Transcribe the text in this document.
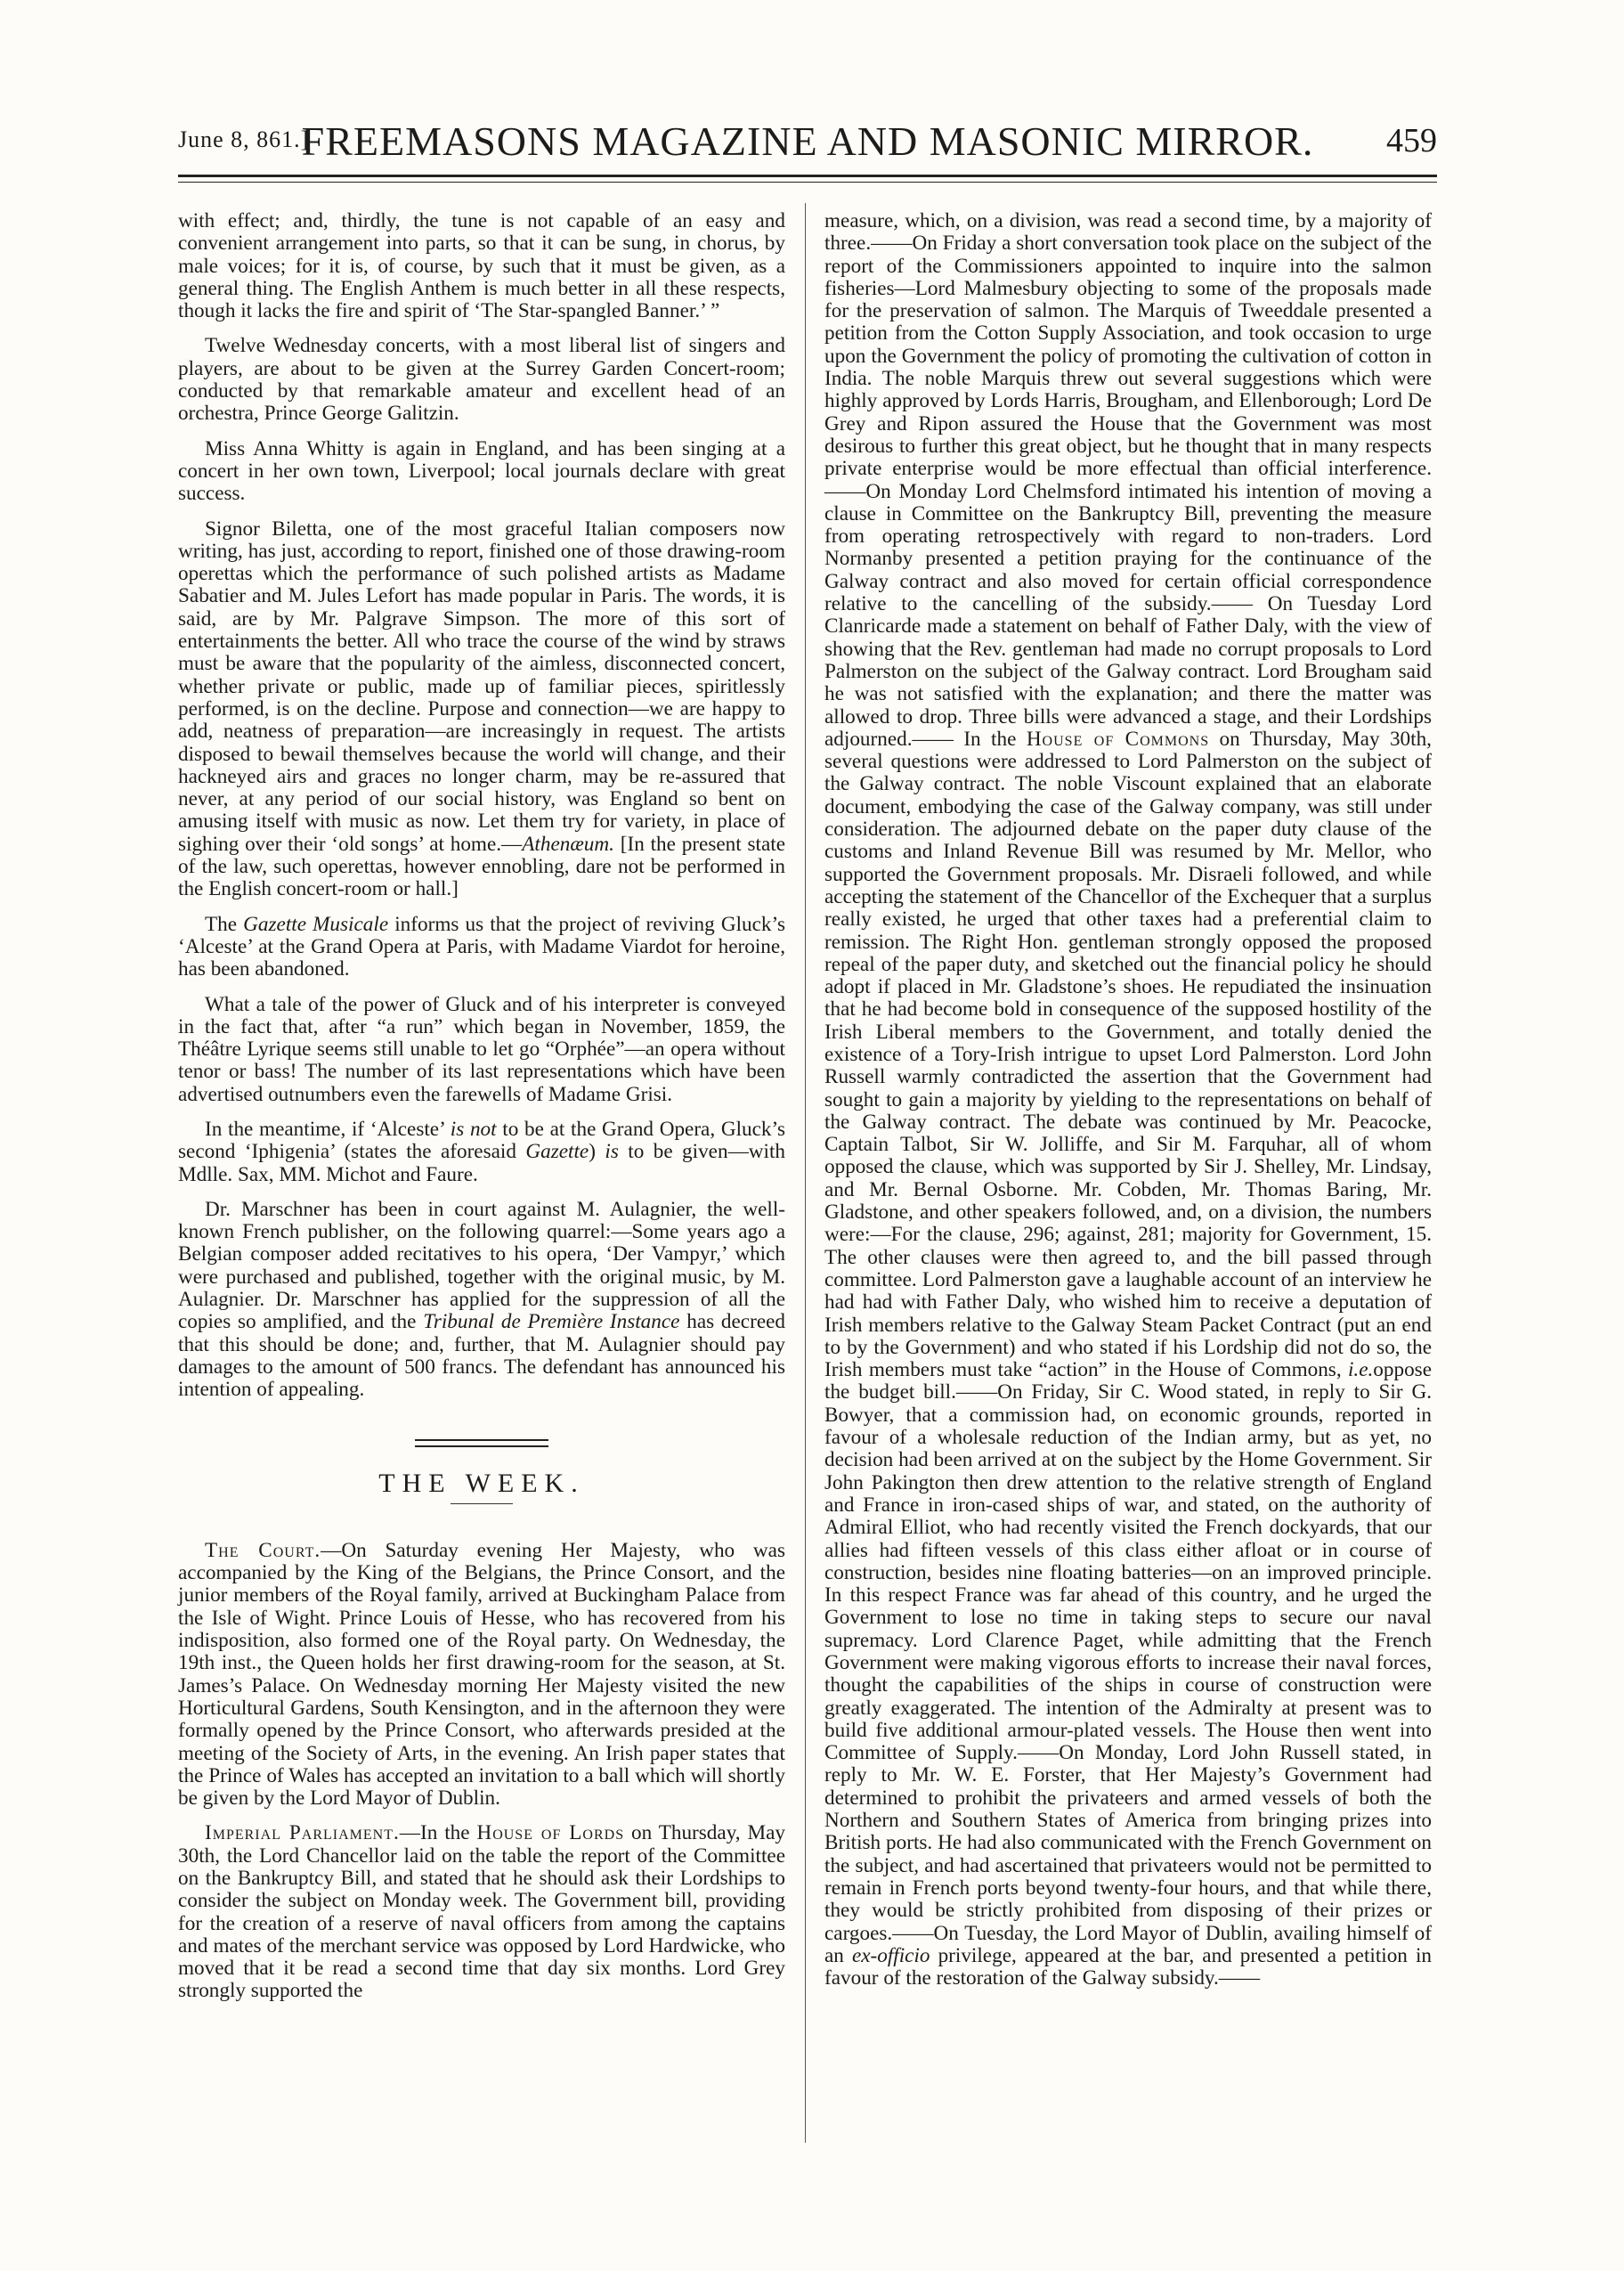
June 8, 861.]
FREEMASONS MAGAZINE AND MASONIC MIRROR.	459

with effect; and, thirdly, the tune is not capable of an easy and convenient arrangement into parts, so that it can be sung, in chorus, by male voices; for it is, of course, by such that it must be given, as a general thing. The English Anthem is much better in all these respects, though it lacks the fire and spirit of ‘The Star-spangled Banner.’ ”

Twelve Wednesday concerts, with a most liberal list of singers and players, are about to be given at the Surrey Garden Concert-room; conducted by that remarkable amateur and excellent head of an orchestra, Prince George Galitzin.

Miss Anna Whitty is again in England, and has been singing at a concert in her own town, Liverpool; local journals declare with great success.

Signor Biletta, one of the most graceful Italian composers now writing, has just, according to report, finished one of those drawing-room operettas which the performance of such polished artists as Madame Sabatier and M. Jules Lefort has made popular in Paris. The words, it is said, are by Mr. Palgrave Simpson. The more of this sort of entertainments the better. All who trace the course of the wind by straws must be aware that the popularity of the aimless, disconnected concert, whether private or public, made up of familiar pieces, spiritlessly performed, is on the decline. Purpose and connection—we are happy to add, neatness of preparation—are increasingly in request. The artists disposed to bewail themselves because the world will change, and their hackneyed airs and graces no longer charm, may be re-assured that never, at any period of our social history, was England so bent on amusing itself with music as now. Let them try for variety, in place of sighing over their ‘old songs’ at home.—Athenæum. [In the present state of the law, such operettas, however ennobling, dare not be performed in the English concert-room or hall.]

The Gazette Musicale informs us that the project of reviving Gluck’s ‘Alceste’ at the Grand Opera at Paris, with Madame Viardot for heroine, has been abandoned.

What a tale of the power of Gluck and of his interpreter is conveyed in the fact that, after “a run” which began in November, 1859, the Théâtre Lyrique seems still unable to let go “Orphée”—an opera without tenor or bass! The number of its last representations which have been advertised outnumbers even the farewells of Madame Grisi.

In the meantime, if ‘Alceste’ is not to be at the Grand Opera, Gluck’s second ‘Iphigenia’ (states the aforesaid Gazette) is to be given—with Mdlle. Sax, MM. Michot and Faure.

Dr. Marschner has been in court against M. Aulagnier, the well-known French publisher, on the following quarrel:—Some years ago a Belgian composer added recitatives to his opera, ‘Der Vampyr,’ which were purchased and published, together with the original music, by M. Aulagnier. Dr. Marschner has applied for the suppression of all the copies so amplified, and the Tribunal de Première Instance has decreed that this should be done; and, further, that M. Aulagnier should pay damages to the amount of 500 francs. The defendant has announced his intention of appealing.

THE WEEK.

The Court.—On Saturday evening Her Majesty, who was accompanied by the King of the Belgians, the Prince Consort, and the junior members of the Royal family, arrived at Buckingham Palace from the Isle of Wight. Prince Louis of Hesse, who has recovered from his indisposition, also formed one of the Royal party. On Wednesday, the 19th inst., the Queen holds her first drawing-room for the season, at St. James’s Palace. On Wednesday morning Her Majesty visited the new Horticultural Gardens, South Kensington, and in the afternoon they were formally opened by the Prince Consort, who afterwards presided at the meeting of the Society of Arts, in the evening. An Irish paper states that the Prince of Wales has accepted an invitation to a ball which will shortly be given by the Lord Mayor of Dublin.

Imperial Parliament.—In the House of Lords on Thursday, May 30th, the Lord Chancellor laid on the table the report of the Committee on the Bankruptcy Bill, and stated that he should ask their Lordships to consider the subject on Monday week. The Government bill, providing for the creation of a reserve of naval officers from among the captains and mates of the merchant service was opposed by Lord Hardwicke, who moved that it be read a second time that day six months. Lord Grey strongly supported the

measure, which, on a division, was read a second time, by a majority of three.——On Friday a short conversation took place on the subject of the report of the Commissioners appointed to inquire into the salmon fisheries—Lord Malmesbury objecting to some of the proposals made for the preservation of salmon. The Marquis of Tweeddale presented a petition from the Cotton Supply Association, and took occasion to urge upon the Government the policy of promoting the cultivation of cotton in India. The noble Marquis threw out several suggestions which were highly approved by Lords Harris, Brougham, and Ellenborough; Lord De Grey and Ripon assured the House that the Government was most desirous to further this great object, but he thought that in many respects private enterprise would be more effectual than official interference. ——On Monday Lord Chelmsford intimated his intention of moving a clause in Committee on the Bankruptcy Bill, preventing the measure from operating retrospectively with regard to non-traders. Lord Normanby presented a petition praying for the continuance of the Galway contract and also moved for certain official correspondence relative to the cancelling of the subsidy.—— On Tuesday Lord Clanricarde made a statement on behalf of Father Daly, with the view of showing that the Rev. gentleman had made no corrupt proposals to Lord Palmerston on the subject of the Galway contract. Lord Brougham said he was not satisfied with the explanation; and there the matter was allowed to drop. Three bills were advanced a stage, and their Lordships adjourned.—— In the House of Commons on Thursday, May 30th, several questions were addressed to Lord Palmerston on the subject of the Galway contract. The noble Viscount explained that an elaborate document, embodying the case of the Galway company, was still under consideration. The adjourned debate on the paper duty clause of the customs and Inland Revenue Bill was resumed by Mr. Mellor, who supported the Government proposals. Mr. Disraeli followed, and while accepting the statement of the Chancellor of the Exchequer that a surplus really existed, he urged that other taxes had a preferential claim to remission. The Right Hon. gentleman strongly opposed the proposed repeal of the paper duty, and sketched out the financial policy he should adopt if placed in Mr. Gladstone’s shoes. He repudiated the insinuation that he had become bold in consequence of the supposed hostility of the Irish Liberal members to the Government, and totally denied the existence of a Tory-Irish intrigue to upset Lord Palmerston. Lord John Russell warmly contradicted the assertion that the Government had sought to gain a majority by yielding to the representations on behalf of the Galway contract. The debate was continued by Mr. Peacocke, Captain Talbot, Sir W. Jolliffe, and Sir M. Farquhar, all of whom opposed the clause, which was supported by Sir J. Shelley, Mr. Lindsay, and Mr. Bernal Osborne. Mr. Cobden, Mr. Thomas Baring, Mr. Gladstone, and other speakers followed, and, on a division, the numbers were:—For the clause, 296; against, 281; majority for Government, 15. The other clauses were then agreed to, and the bill passed through committee. Lord Palmerston gave a laughable account of an interview he had had with Father Daly, who wished him to receive a deputation of Irish members relative to the Galway Steam Packet Contract (put an end to by the Government) and who stated if his Lordship did not do so, the Irish members must take “action” in the House of Commons, i.e.oppose the budget bill.——On Friday, Sir C. Wood stated, in reply to Sir G. Bowyer, that a commission had, on economic grounds, reported in favour of a wholesale reduction of the Indian army, but as yet, no decision had been arrived at on the subject by the Home Government. Sir John Pakington then drew attention to the relative strength of England and France in iron-cased ships of war, and stated, on the authority of Admiral Elliot, who had recently visited the French dockyards, that our allies had fifteen vessels of this class either afloat or in course of construction, besides nine floating batteries—on an improved principle. In this respect France was far ahead of this country, and he urged the Government to lose no time in taking steps to secure our naval supremacy. Lord Clarence Paget, while admitting that the French Government were making vigorous efforts to increase their naval forces, thought the capabilities of the ships in course of construction were greatly exaggerated. The intention of the Admiralty at present was to build five additional armour-plated vessels. The House then went into Committee of Supply.——On Monday, Lord John Russell stated, in reply to Mr. W. E. Forster, that Her Majesty’s Government had determined to prohibit the privateers and armed vessels of both the Northern and Southern States of America from bringing prizes into British ports. He had also communicated with the French Government on the subject, and had ascertained that privateers would not be permitted to remain in French ports beyond twenty-four hours, and that while there, they would be strictly prohibited from disposing of their prizes or cargoes.——On Tuesday, the Lord Mayor of Dublin, availing himself of an ex-officio privilege, appeared at the bar, and presented a petition in favour of the restoration of the Galway subsidy.——
